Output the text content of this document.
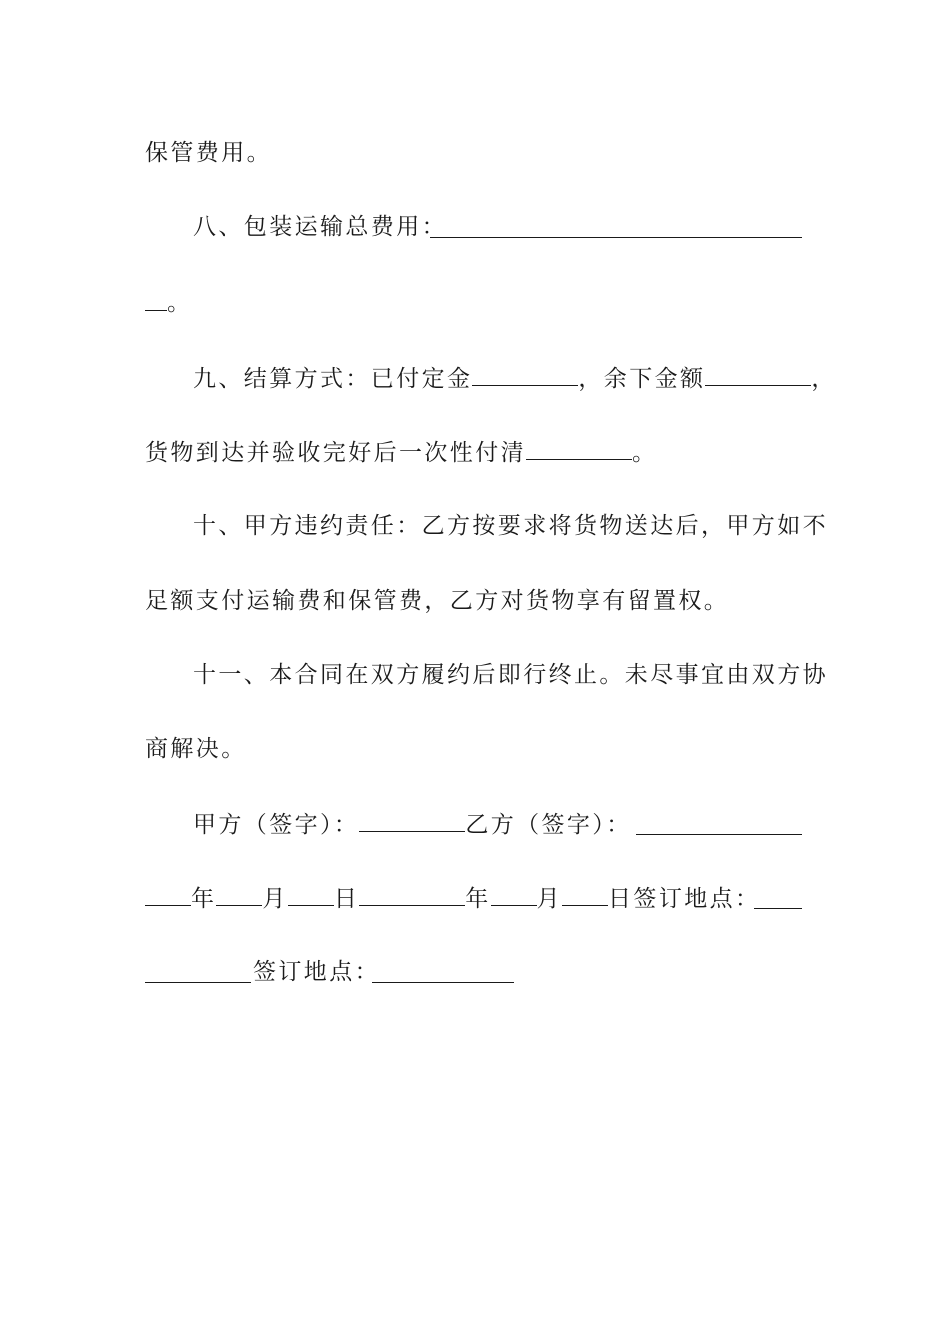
保管费用。
八、包装运输总费用：
。
九、结算方式：已付定金	，余下金额	，
货物到达并验收完好后一次性付清	。
十、甲方违约责任：乙方按要求将货物送达后，甲方如不
足额支付运输费和保管费，乙方对货物享有留置权。
十一、本合同在双方履约后即行终止。未尽事宜由双方协
商解决。
甲方（签字）：	乙方（签字）：
年 月 日	年 月 日签订地点：
签订地点：
